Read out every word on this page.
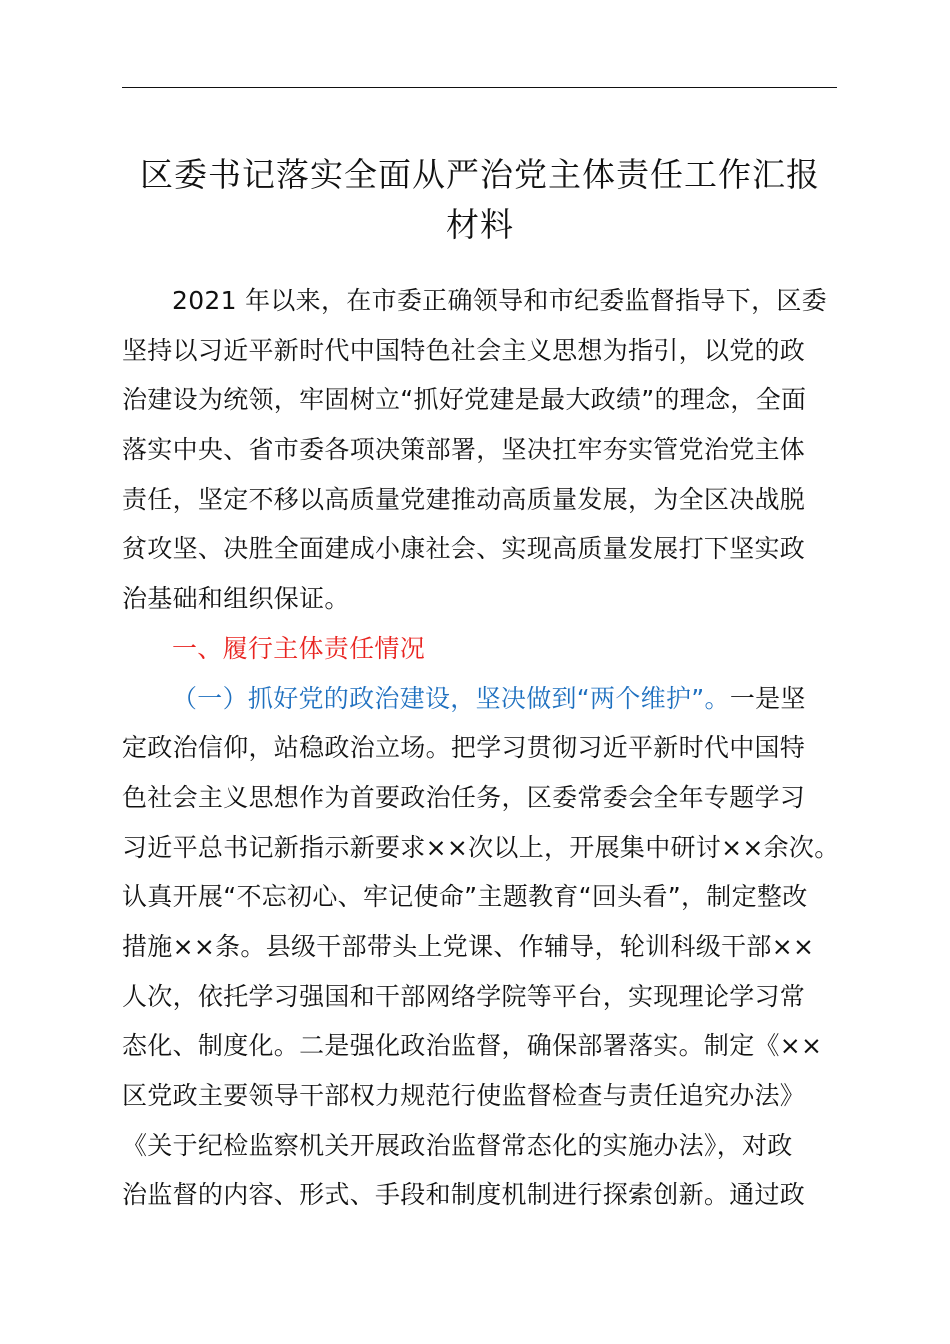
区委书记落实全面从严治党主体责任工作汇报
材料
2021 年以来，在市委正确领导和市纪委监督指导下，区委
坚持以习近平新时代中国特色社会主义思想为指引，以党的政
治建设为统领，牢固树立“抓好党建是最大政绩”的理念，全面
落实中央、省市委各项决策部署，坚决扛牢夯实管党治党主体
责任，坚定不移以高质量党建推动高质量发展，为全区决战脱
贫攻坚、决胜全面建成小康社会、实现高质量发展打下坚实政
治基础和组织保证。
一、履行主体责任情况
（一）抓好党的政治建设，坚决做到“两个维护”。一是坚
定政治信仰，站稳政治立场。把学习贯彻习近平新时代中国特
色社会主义思想作为首要政治任务，区委常委会全年专题学习
习近平总书记新指示新要求××次以上，开展集中研讨××余次。
认真开展“不忘初心、牢记使命”主题教育“回头看”，制定整改
措施××条。县级干部带头上党课、作辅导，轮训科级干部××
人次，依托学习强国和干部网络学院等平台，实现理论学习常
态化、制度化。二是强化政治监督，确保部署落实。制定《××
区党政主要领导干部权力规范行使监督检查与责任追究办法》
《关于纪检监察机关开展政治监督常态化的实施办法》，对政
治监督的内容、形式、手段和制度机制进行探索创新。通过政
